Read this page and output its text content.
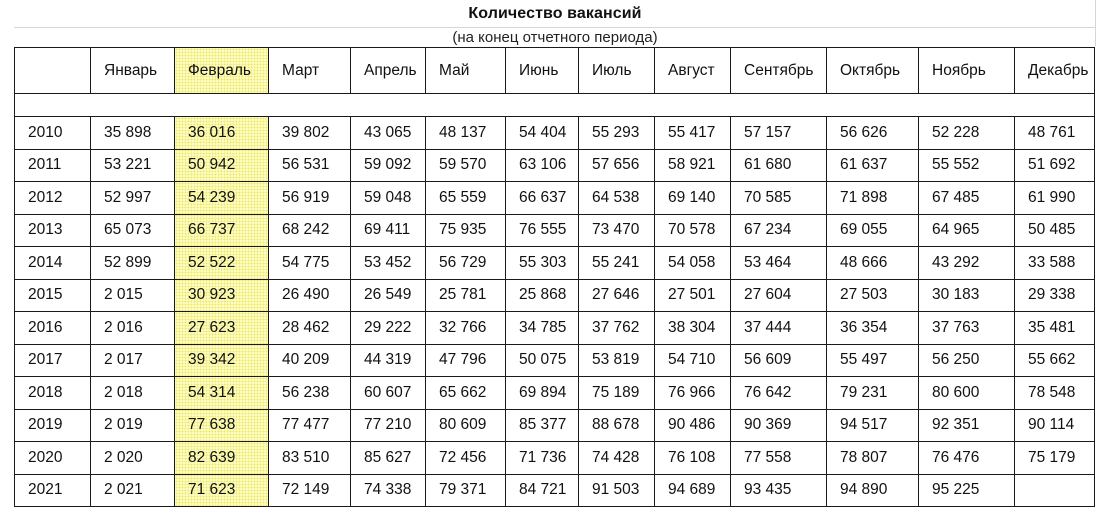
Количество вакансий
(на конец отчетного периода)
	Январь	Февраль	Март	Апрель	Май	Июнь	Июль	Август	Сентябрь	Октябрь	Ноябрь	Декабрь

2010	35 898	36 016	39 802	43 065	48 137	54 404	55 293	55 417	57 157	56 626	52 228	48 761
2011	53 221	50 942	56 531	59 092	59 570	63 106	57 656	58 921	61 680	61 637	55 552	51 692
2012	52 997	54 239	56 919	59 048	65 559	66 637	64 538	69 140	70 585	71 898	67 485	61 990
2013	65 073	66 737	68 242	69 411	75 935	76 555	73 470	70 578	67 234	69 055	64 965	50 485
2014	52 899	52 522	54 775	53 452	56 729	55 303	55 241	54 058	53 464	48 666	43 292	33 588
2015	2 015	30 923	26 490	26 549	25 781	25 868	27 646	27 501	27 604	27 503	30 183	29 338
2016	2 016	27 623	28 462	29 222	32 766	34 785	37 762	38 304	37 444	36 354	37 763	35 481
2017	2 017	39 342	40 209	44 319	47 796	50 075	53 819	54 710	56 609	55 497	56 250	55 662
2018	2 018	54 314	56 238	60 607	65 662	69 894	75 189	76 966	76 642	79 231	80 600	78 548
2019	2 019	77 638	77 477	77 210	80 609	85 377	88 678	90 486	90 369	94 517	92 351	90 114
2020	2 020	82 639	83 510	85 627	72 456	71 736	74 428	76 108	77 558	78 807	76 476	75 179
2021	2 021	71 623	72 149	74 338	79 371	84 721	91 503	94 689	93 435	94 890	95 225	
